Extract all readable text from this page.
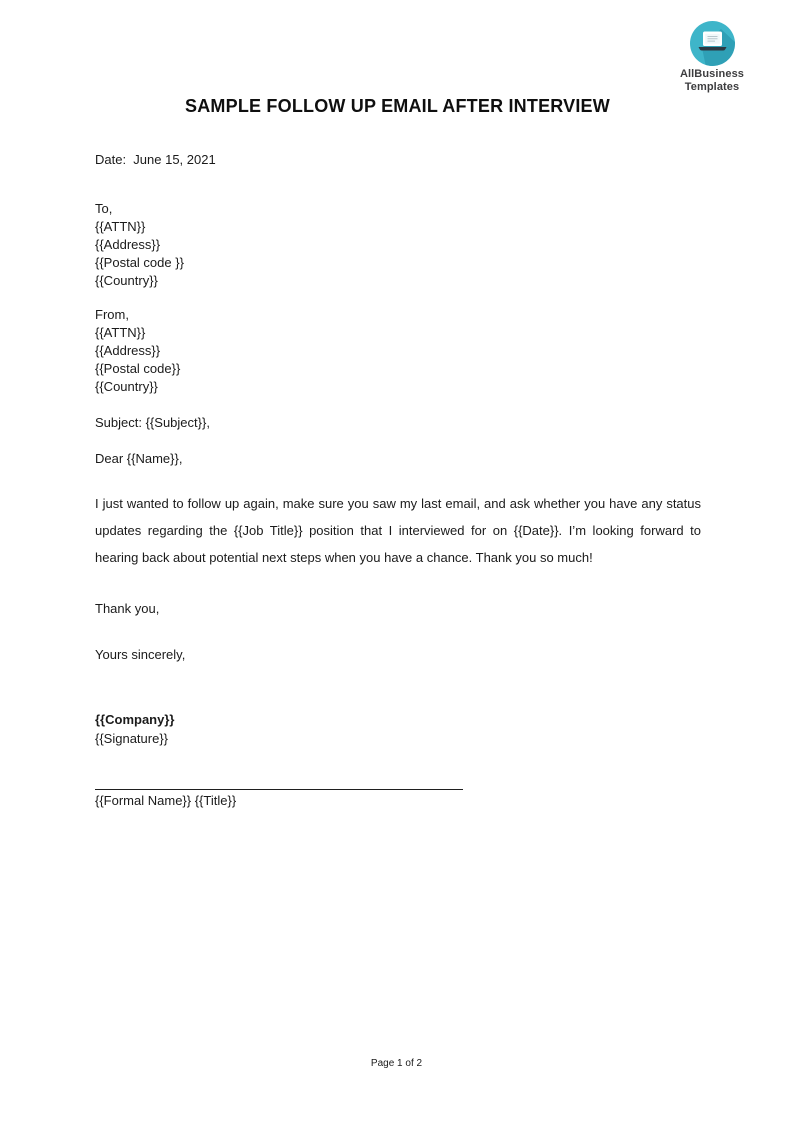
AllBusiness
Templates
SAMPLE FOLLOW UP EMAIL AFTER INTERVIEW
Date:  June 15, 2021
To,
{{ATTN}}
{{Address}}
{{Postal code }}
{{Country}}
From,
{{ATTN}}
{{Address}}
{{Postal code}}
{{Country}}
Subject: {{Subject}},
Dear {{Name}},

I just wanted to follow up again, make sure you saw my last email, and ask whether you have any status updates regarding the {{Job Title}} position that I interviewed for on {{Date}}. I’m looking forward to hearing back about potential next steps when you have a chance. Thank you so much!

Thank you,
Yours sincerely,
{{Company}}
{{Signature}}
{{Formal Name}} {{Title}}
Page 1 of 2
